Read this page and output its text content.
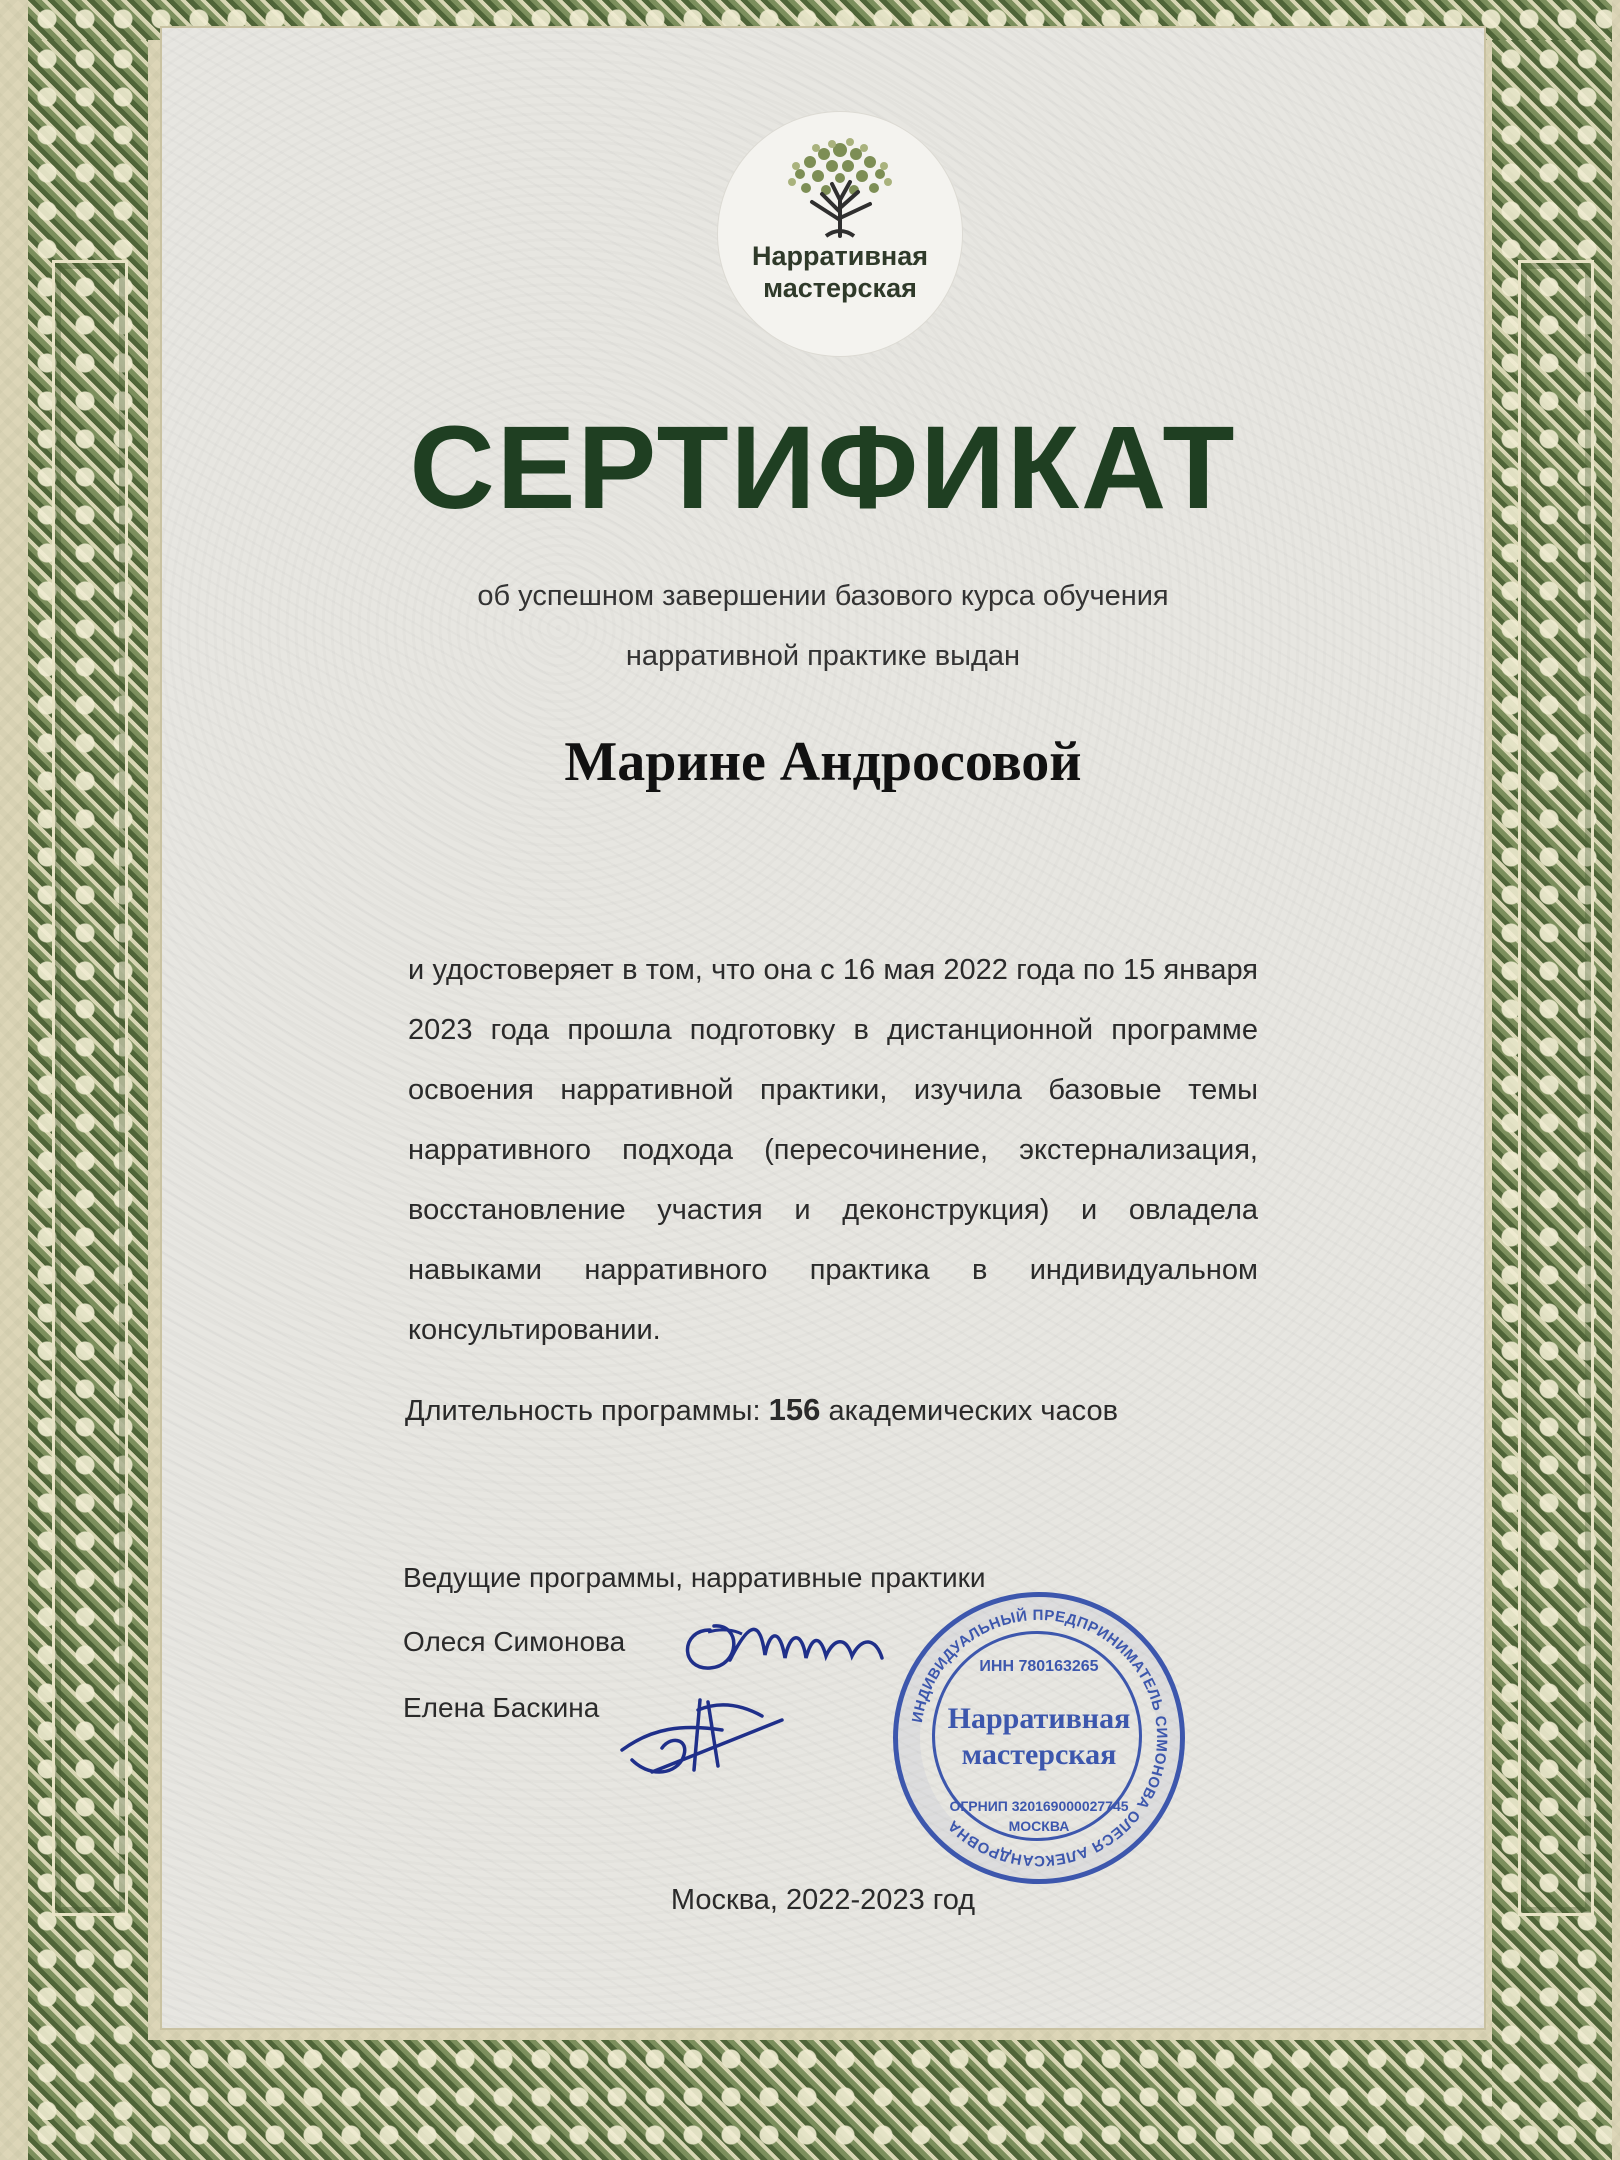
Нарративная
мастерская
СЕРТИФИКАТ
об успешном завершении базового курса обучения
нарративной практике выдан
Марине Андросовой
и удостоверяет в том, что она с 16 мая 2022 года по 15 января 2023 года прошла подготовку в дистанционной программе освоения нарративной практики, изучила базовые темы нарративного подхода (пересочинение, экстернализация, восстановление участия и деконструкция) и овладела навыками нарративного практика в индивидуальном консультировании.
Длительность программы: 156 академических часов
Ведущие программы, нарративные практики
Олеся Симонова
Елена Баскина	ИНДИВИДУАЛЬНЫЙ ПРЕДПРИНИМАТЕЛЬ СИМОНОВА ОЛЕСЯ АЛЕКСАНДРОВНА
ИНН 780163265
ОГРНИП 320169000027745
МОСКВА
Нарративная
мастерская
Москва, 2022-2023 год
